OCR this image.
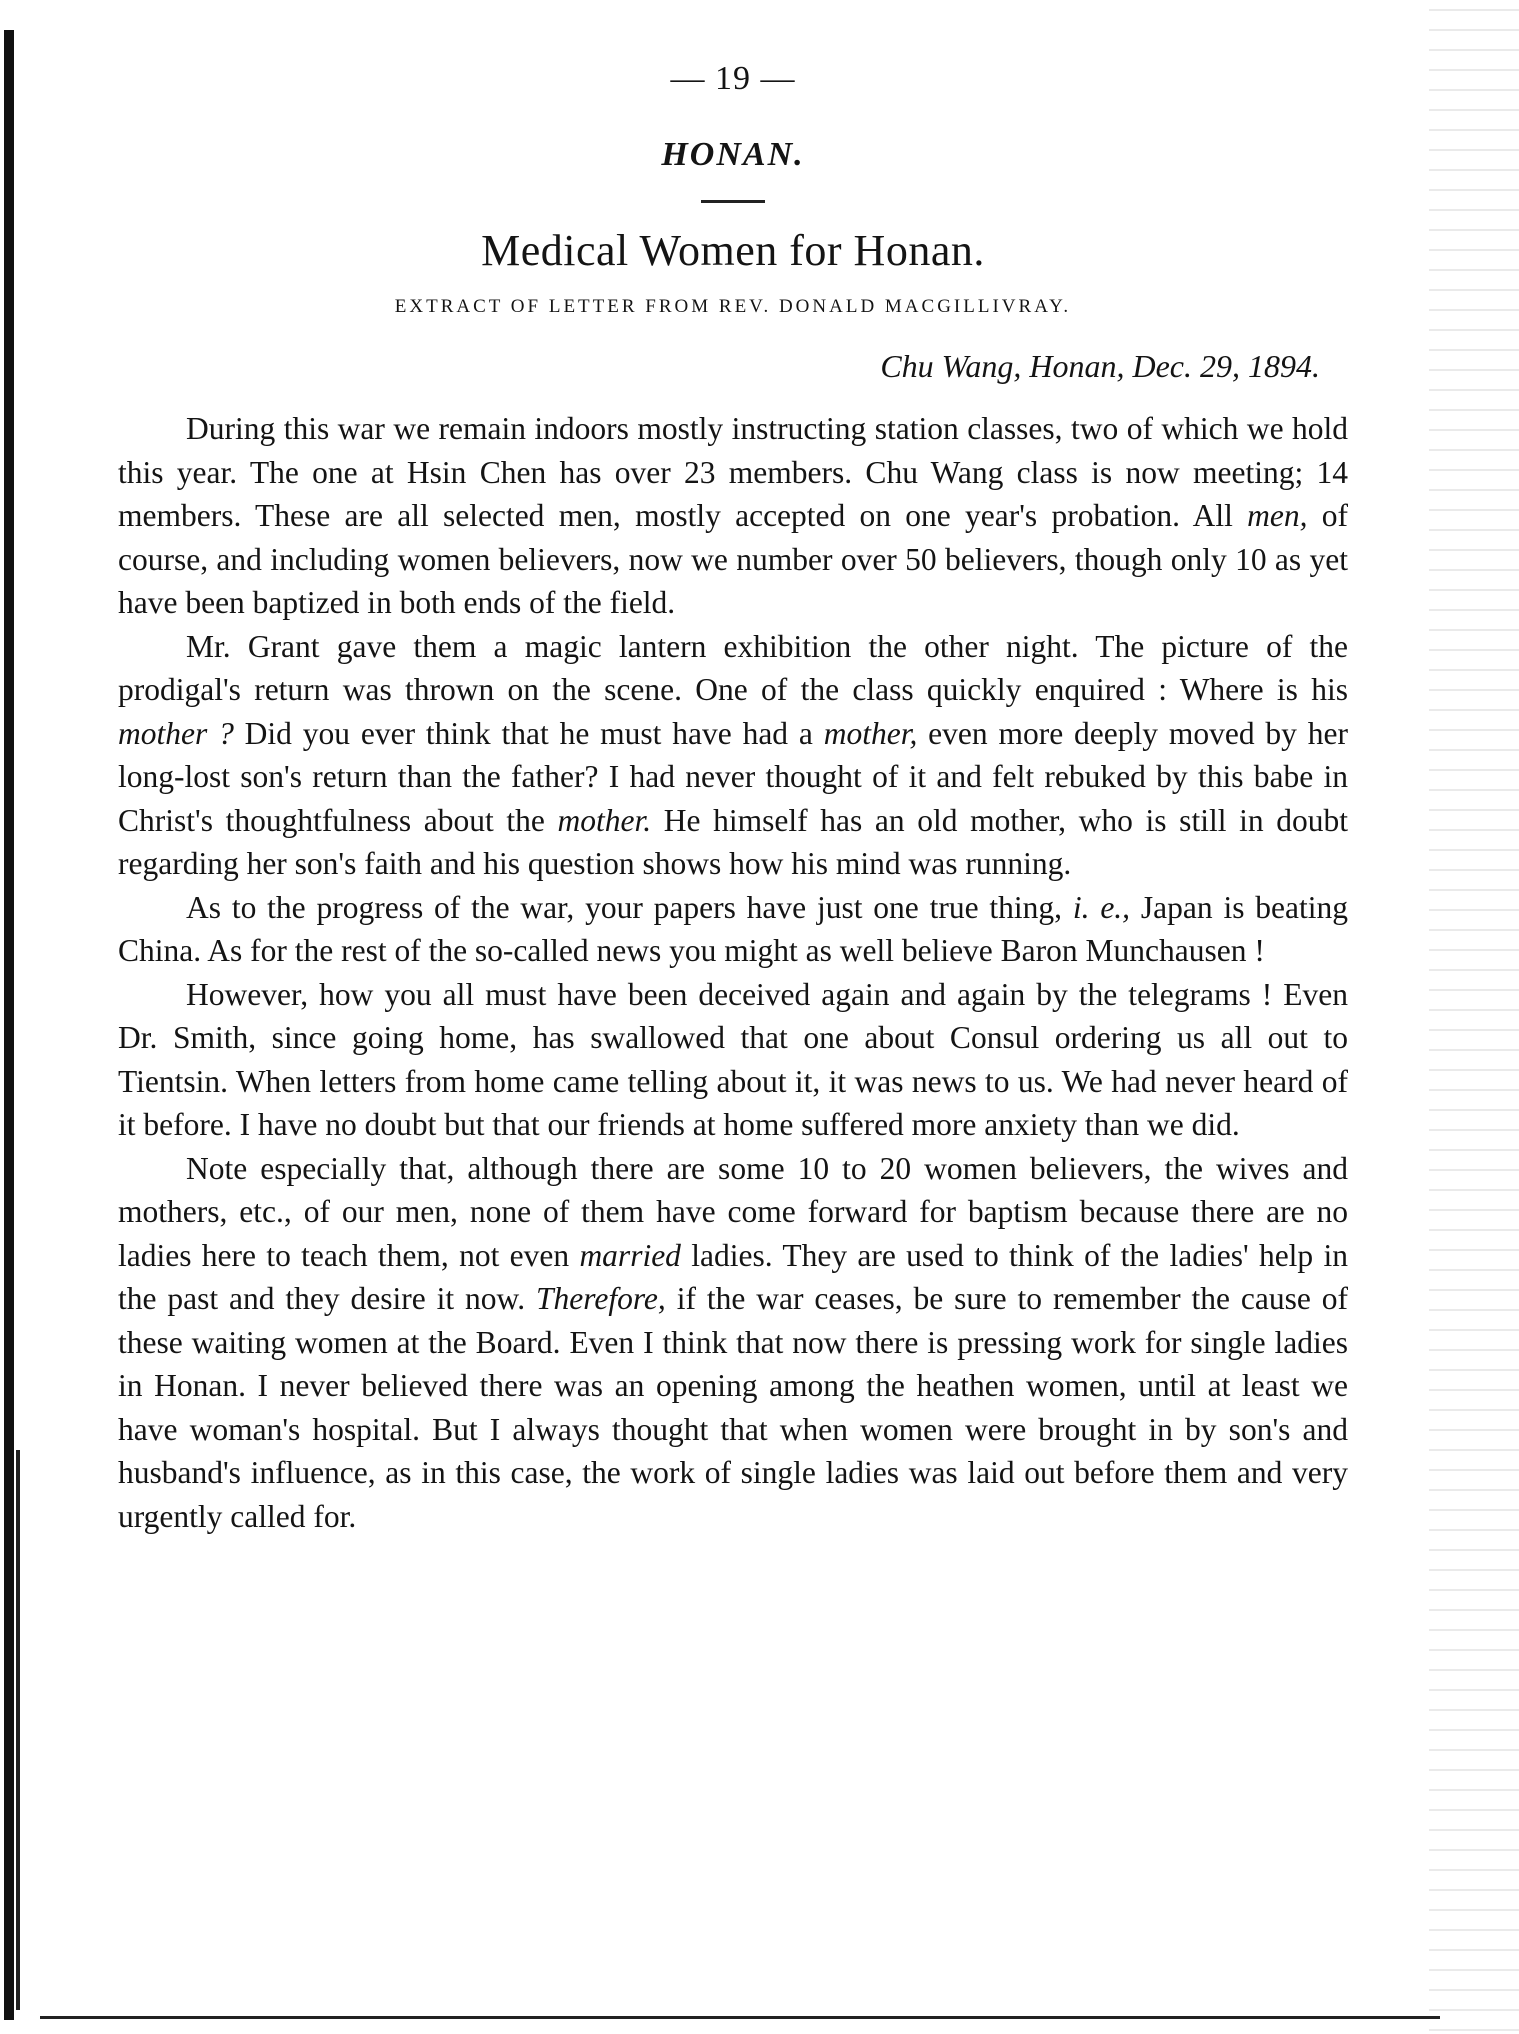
— 19 —
HONAN.
Medical Women for Honan.
EXTRACT OF LETTER FROM REV. DONALD MACGILLIVRAY.
Chu Wang, Honan, Dec. 29, 1894.

During this war we remain indoors mostly instructing station classes, two of which we hold this year. The one at Hsin Chen has over 23 members. Chu Wang class is now meeting; 14 members. These are all selected men, mostly accepted on one year's probation. All men, of course, and including women believers, now we number over 50 believers, though only 10 as yet have been baptized in both ends of the field.

Mr. Grant gave them a magic lantern exhibition the other night. The picture of the prodigal's return was thrown on the scene. One of the class quickly enquired : Where is his mother ? Did you ever think that he must have had a mother, even more deeply moved by her long-lost son's return than the father? I had never thought of it and felt rebuked by this babe in Christ's thoughtfulness about the mother. He himself has an old mother, who is still in doubt regarding her son's faith and his question shows how his mind was running.

As to the progress of the war, your papers have just one true thing, i. e., Japan is beating China. As for the rest of the so-called news you might as well believe Baron Munchausen !

However, how you all must have been deceived again and again by the telegrams ! Even Dr. Smith, since going home, has swallowed that one about Consul ordering us all out to Tientsin. When letters from home came telling about it, it was news to us. We had never heard of it before. I have no doubt but that our friends at home suffered more anxiety than we did.

Note especially that, although there are some 10 to 20 women believers, the wives and mothers, etc., of our men, none of them have come forward for baptism because there are no ladies here to teach them, not even married ladies. They are used to think of the ladies' help in the past and they desire it now. Therefore, if the war ceases, be sure to remember the cause of these waiting women at the Board. Even I think that now there is pressing work for single ladies in Honan. I never believed there was an opening among the heathen women, until at least we have woman's hospital. But I always thought that when women were brought in by son's and husband's influence, as in this case, the work of single ladies was laid out before them and very urgently called for.
